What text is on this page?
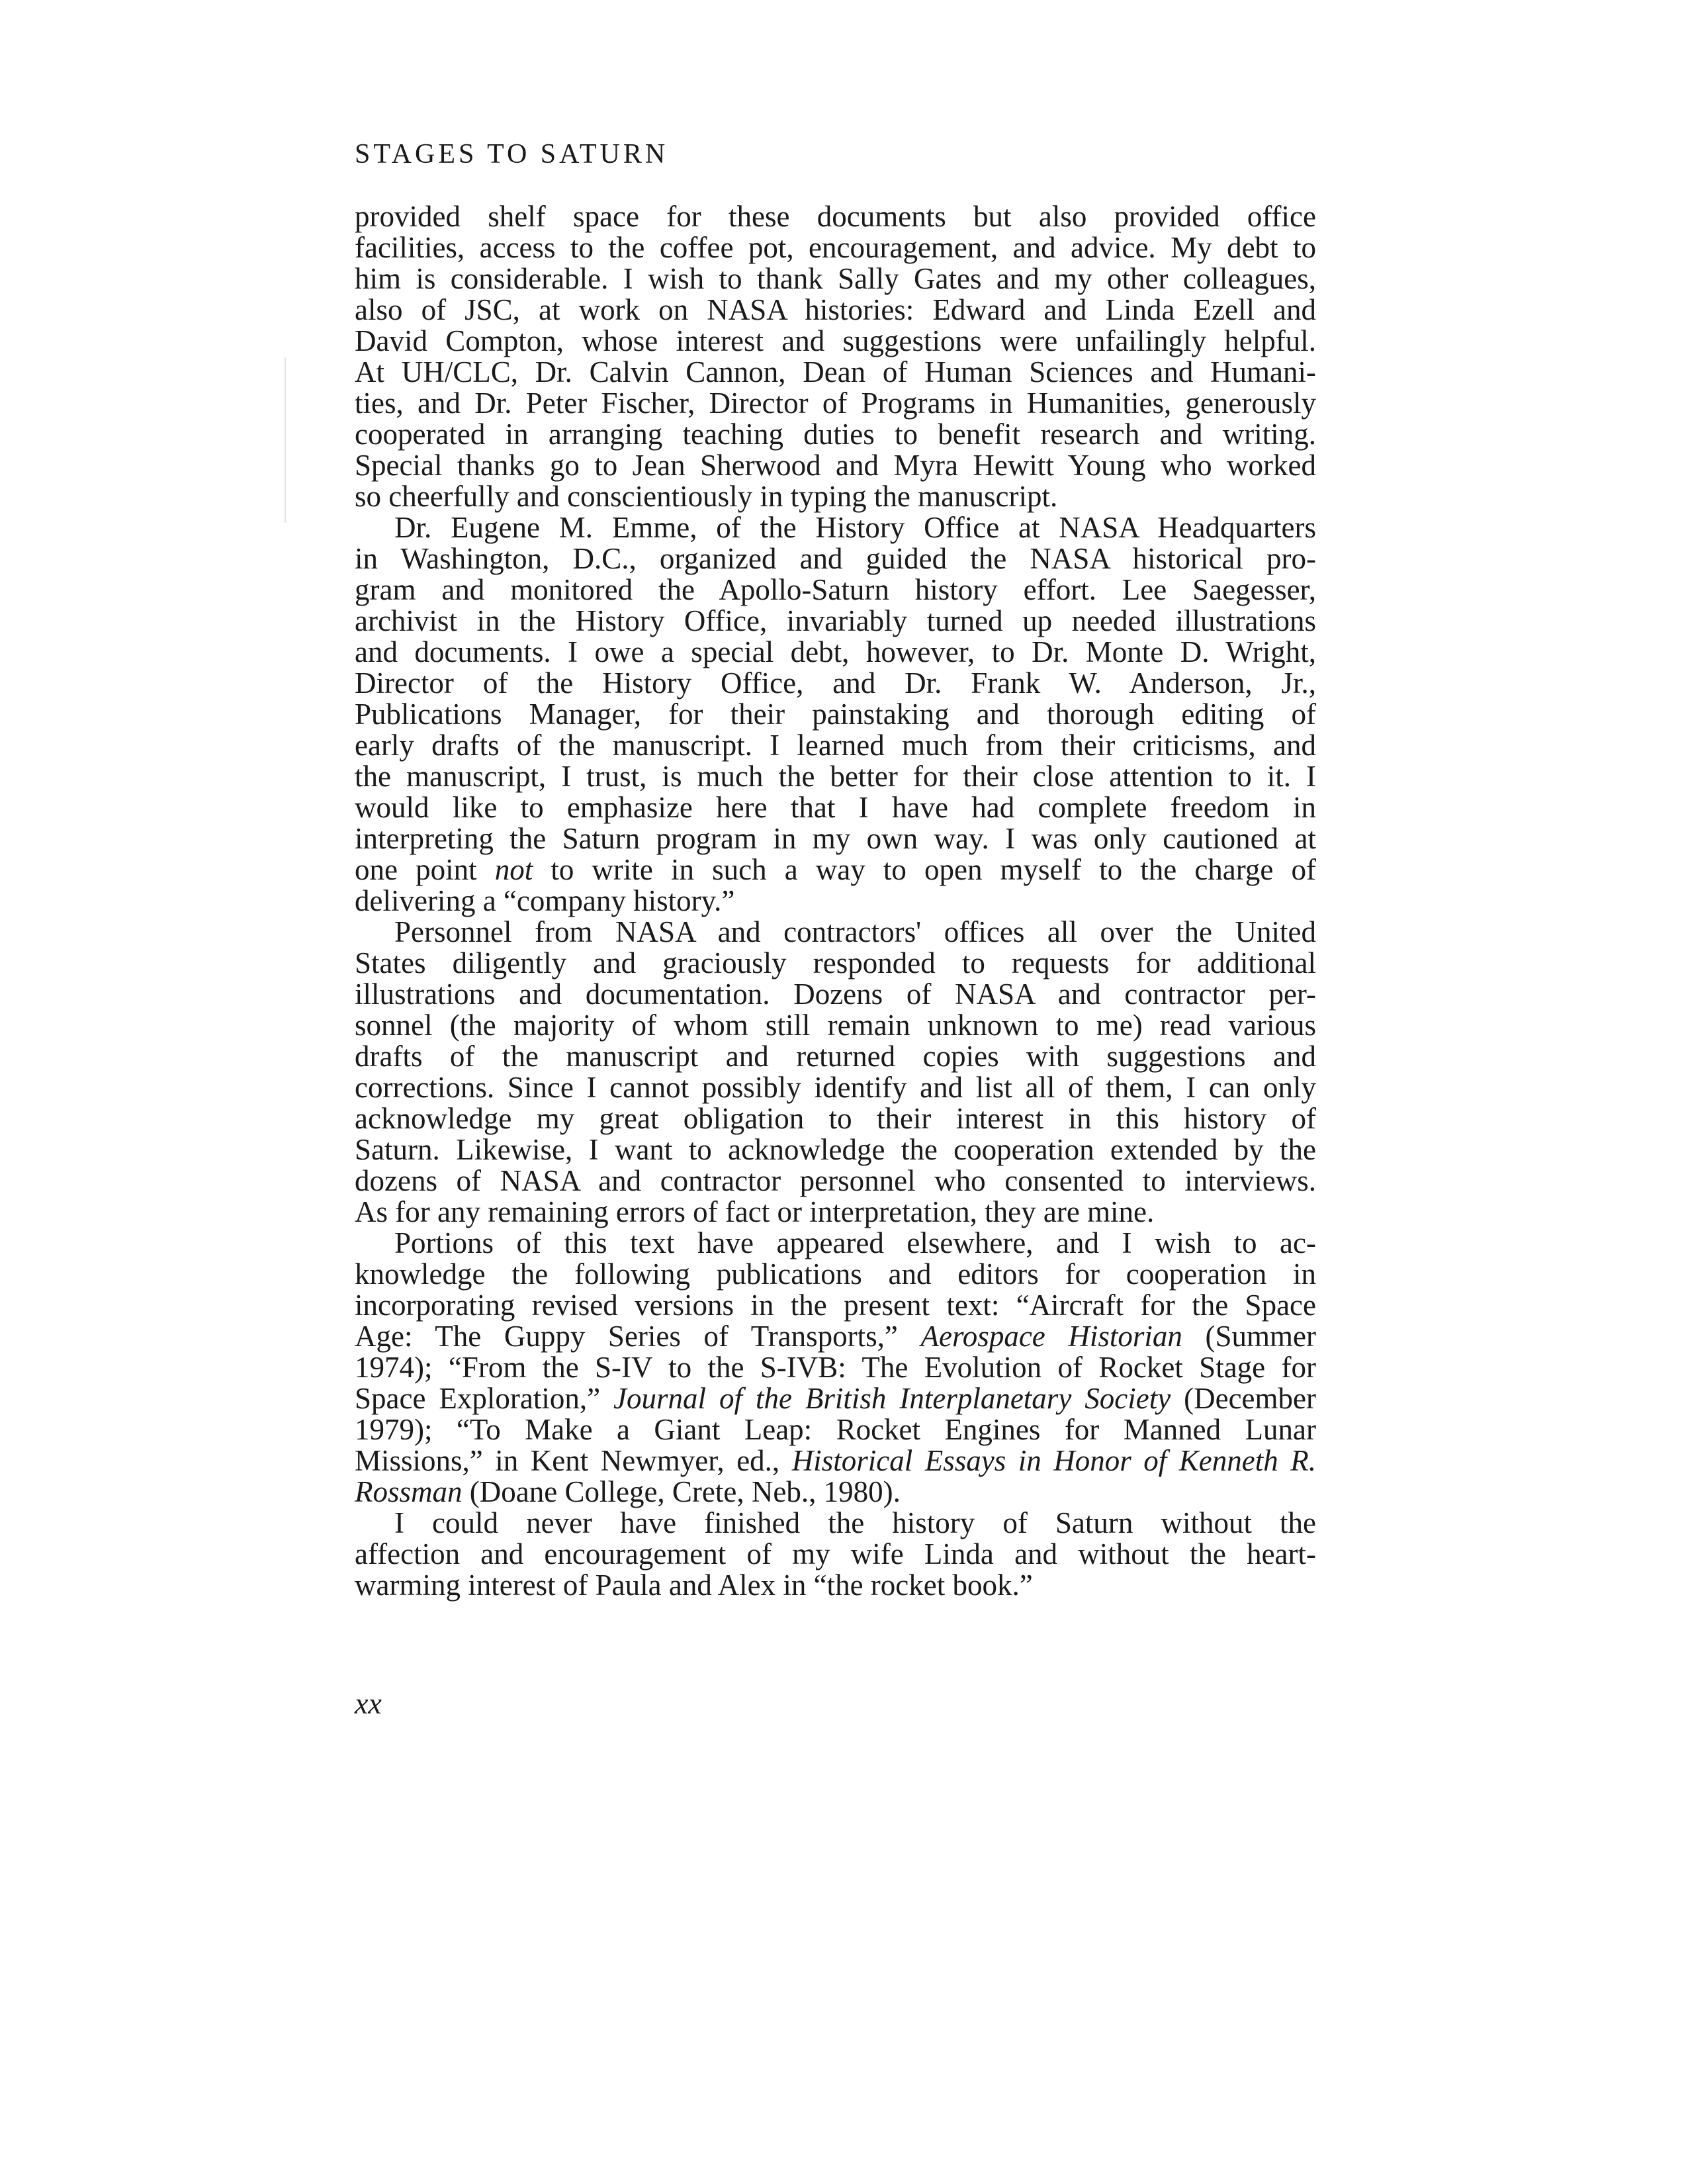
STAGES TO SATURN
provided shelf space for these documents but also provided office
facilities, access to the coffee pot, encouragement, and advice. My debt to
him is considerable. I wish to thank Sally Gates and my other colleagues,
also of JSC, at work on NASA histories: Edward and Linda Ezell and
David Compton, whose interest and suggestions were unfailingly helpful.
At UH/CLC, Dr. Calvin Cannon, Dean of Human Sciences and Humani-
ties, and Dr. Peter Fischer, Director of Programs in Humanities, generously
cooperated in arranging teaching duties to benefit research and writing.
Special thanks go to Jean Sherwood and Myra Hewitt Young who worked
so cheerfully and conscientiously in typing the manuscript.
Dr. Eugene M. Emme, of the History Office at NASA Headquarters
in Washington, D.C., organized and guided the NASA historical pro-
gram and monitored the Apollo-Saturn history effort. Lee Saegesser,
archivist in the History Office, invariably turned up needed illustrations
and documents. I owe a special debt, however, to Dr. Monte D. Wright,
Director of the History Office, and Dr. Frank W. Anderson, Jr.,
Publications Manager, for their painstaking and thorough editing of
early drafts of the manuscript. I learned much from their criticisms, and
the manuscript, I trust, is much the better for their close attention to it. I
would like to emphasize here that I have had complete freedom in
interpreting the Saturn program in my own way. I was only cautioned at
one point not to write in such a way to open myself to the charge of
delivering a “company history.”
Personnel from NASA and contractors' offices all over the United
States diligently and graciously responded to requests for additional
illustrations and documentation. Dozens of NASA and contractor per-
sonnel (the majority of whom still remain unknown to me) read various
drafts of the manuscript and returned copies with suggestions and
corrections. Since I cannot possibly identify and list all of them, I can only
acknowledge my great obligation to their interest in this history of
Saturn. Likewise, I want to acknowledge the cooperation extended by the
dozens of NASA and contractor personnel who consented to interviews.
As for any remaining errors of fact or interpretation, they are mine.
Portions of this text have appeared elsewhere, and I wish to ac-
knowledge the following publications and editors for cooperation in
incorporating revised versions in the present text: “Aircraft for the Space
Age: The Guppy Series of Transports,” Aerospace Historian (Summer
1974); “From the S-IV to the S-IVB: The Evolution of Rocket Stage for
Space Exploration,” Journal of the British Interplanetary Society (December
1979); “To Make a Giant Leap: Rocket Engines for Manned Lunar
Missions,” in Kent Newmyer, ed., Historical Essays in Honor of Kenneth R.
Rossman (Doane College, Crete, Neb., 1980).
I could never have finished the history of Saturn without the
affection and encouragement of my wife Linda and without the heart-
warming interest of Paula and Alex in “the rocket book.”
xx
